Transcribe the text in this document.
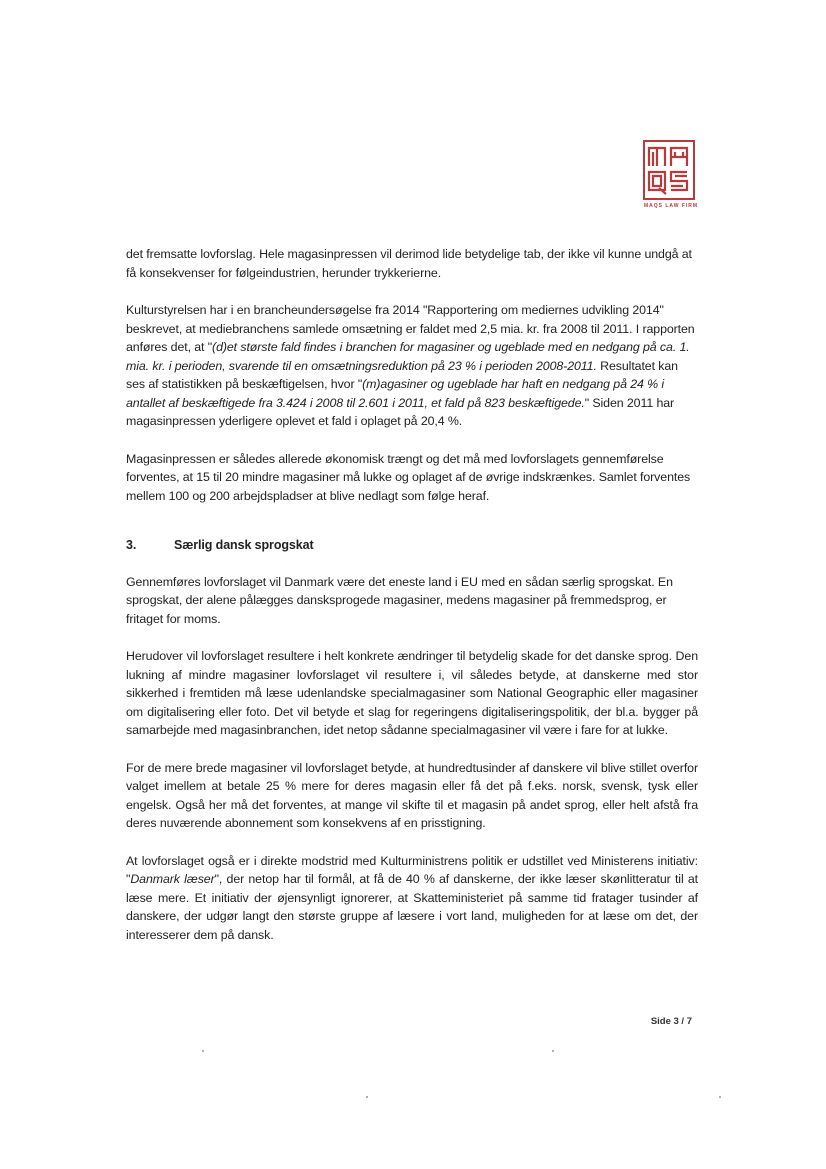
MAQS LAW FIRM

det fremsatte lovforslag. Hele magasinpressen vil derimod lide betydelige tab, der ikke vil kunne undgå at få konsekvenser for følgeindustrien, herunder trykkerierne.

Kulturstyrelsen har i en brancheundersøgelse fra 2014 "Rapportering om mediernes udvikling 2014" beskrevet, at mediebranchens samlede omsætning er faldet med 2,5 mia. kr. fra 2008 til 2011. I rapporten anføres det, at "(d)et største fald findes i branchen for magasiner og ugeblade med en nedgang på ca. 1. mia. kr. i perioden, svarende til en omsætningsreduktion på 23 % i perioden 2008-2011. Resultatet kan ses af statistikken på beskæftigelsen, hvor "(m)agasiner og ugeblade har haft en nedgang på 24 % i antallet af beskæftigede fra 3.424 i 2008 til 2.601 i 2011, et fald på 823 beskæftigede." Siden 2011 har magasinpressen yderligere oplevet et fald i oplaget på 20,4 %.

Magasinpressen er således allerede økonomisk trængt og det må med lovforslagets gennemførelse forventes, at 15 til 20 mindre magasiner må lukke og oplaget af de øvrige indskrænkes. Samlet forventes mellem 100 og 200 arbejdspladser at blive nedlagt som følge heraf.

3.	Særlig dansk sprogskat

Gennemføres lovforslaget vil Danmark være det eneste land i EU med en sådan særlig sprogskat. En sprogskat, der alene pålægges dansksprogede magasiner, medens magasiner på fremmedsprog, er fritaget for moms.

Herudover vil lovforslaget resultere i helt konkrete ændringer til betydelig skade for det danske sprog. Den lukning af mindre magasiner lovforslaget vil resultere i, vil således betyde, at danskerne med stor sikkerhed i fremtiden må læse udenlandske specialmagasiner som National Geographic eller magasiner om digitalisering eller foto. Det vil betyde et slag for regeringens digitaliseringspolitik, der bl.a. bygger på samarbejde med magasinbranchen, idet netop sådanne specialmagasiner vil være i fare for at lukke.

For de mere brede magasiner vil lovforslaget betyde, at hundredtusinder af danskere vil blive stillet overfor valget imellem at betale 25 % mere for deres magasin eller få det på f.eks. norsk, svensk, tysk eller engelsk. Også her må det forventes, at mange vil skifte til et magasin på andet sprog, eller helt afstå fra deres nuværende abonnement som konsekvens af en prisstigning.

At lovforslaget også er i direkte modstrid med Kulturministrens politik er udstillet ved Ministerens initiativ: "Danmark læser", der netop har til formål, at få de 40 % af danskerne, der ikke læser skønlitteratur til at læse mere. Et initiativ der øjensynligt ignorerer, at Skatteministeriet på samme tid fratager tusinder af danskere, der udgør langt den største gruppe af læsere i vort land, muligheden for at læse om det, der interesserer dem på dansk.

Side 3 / 7
